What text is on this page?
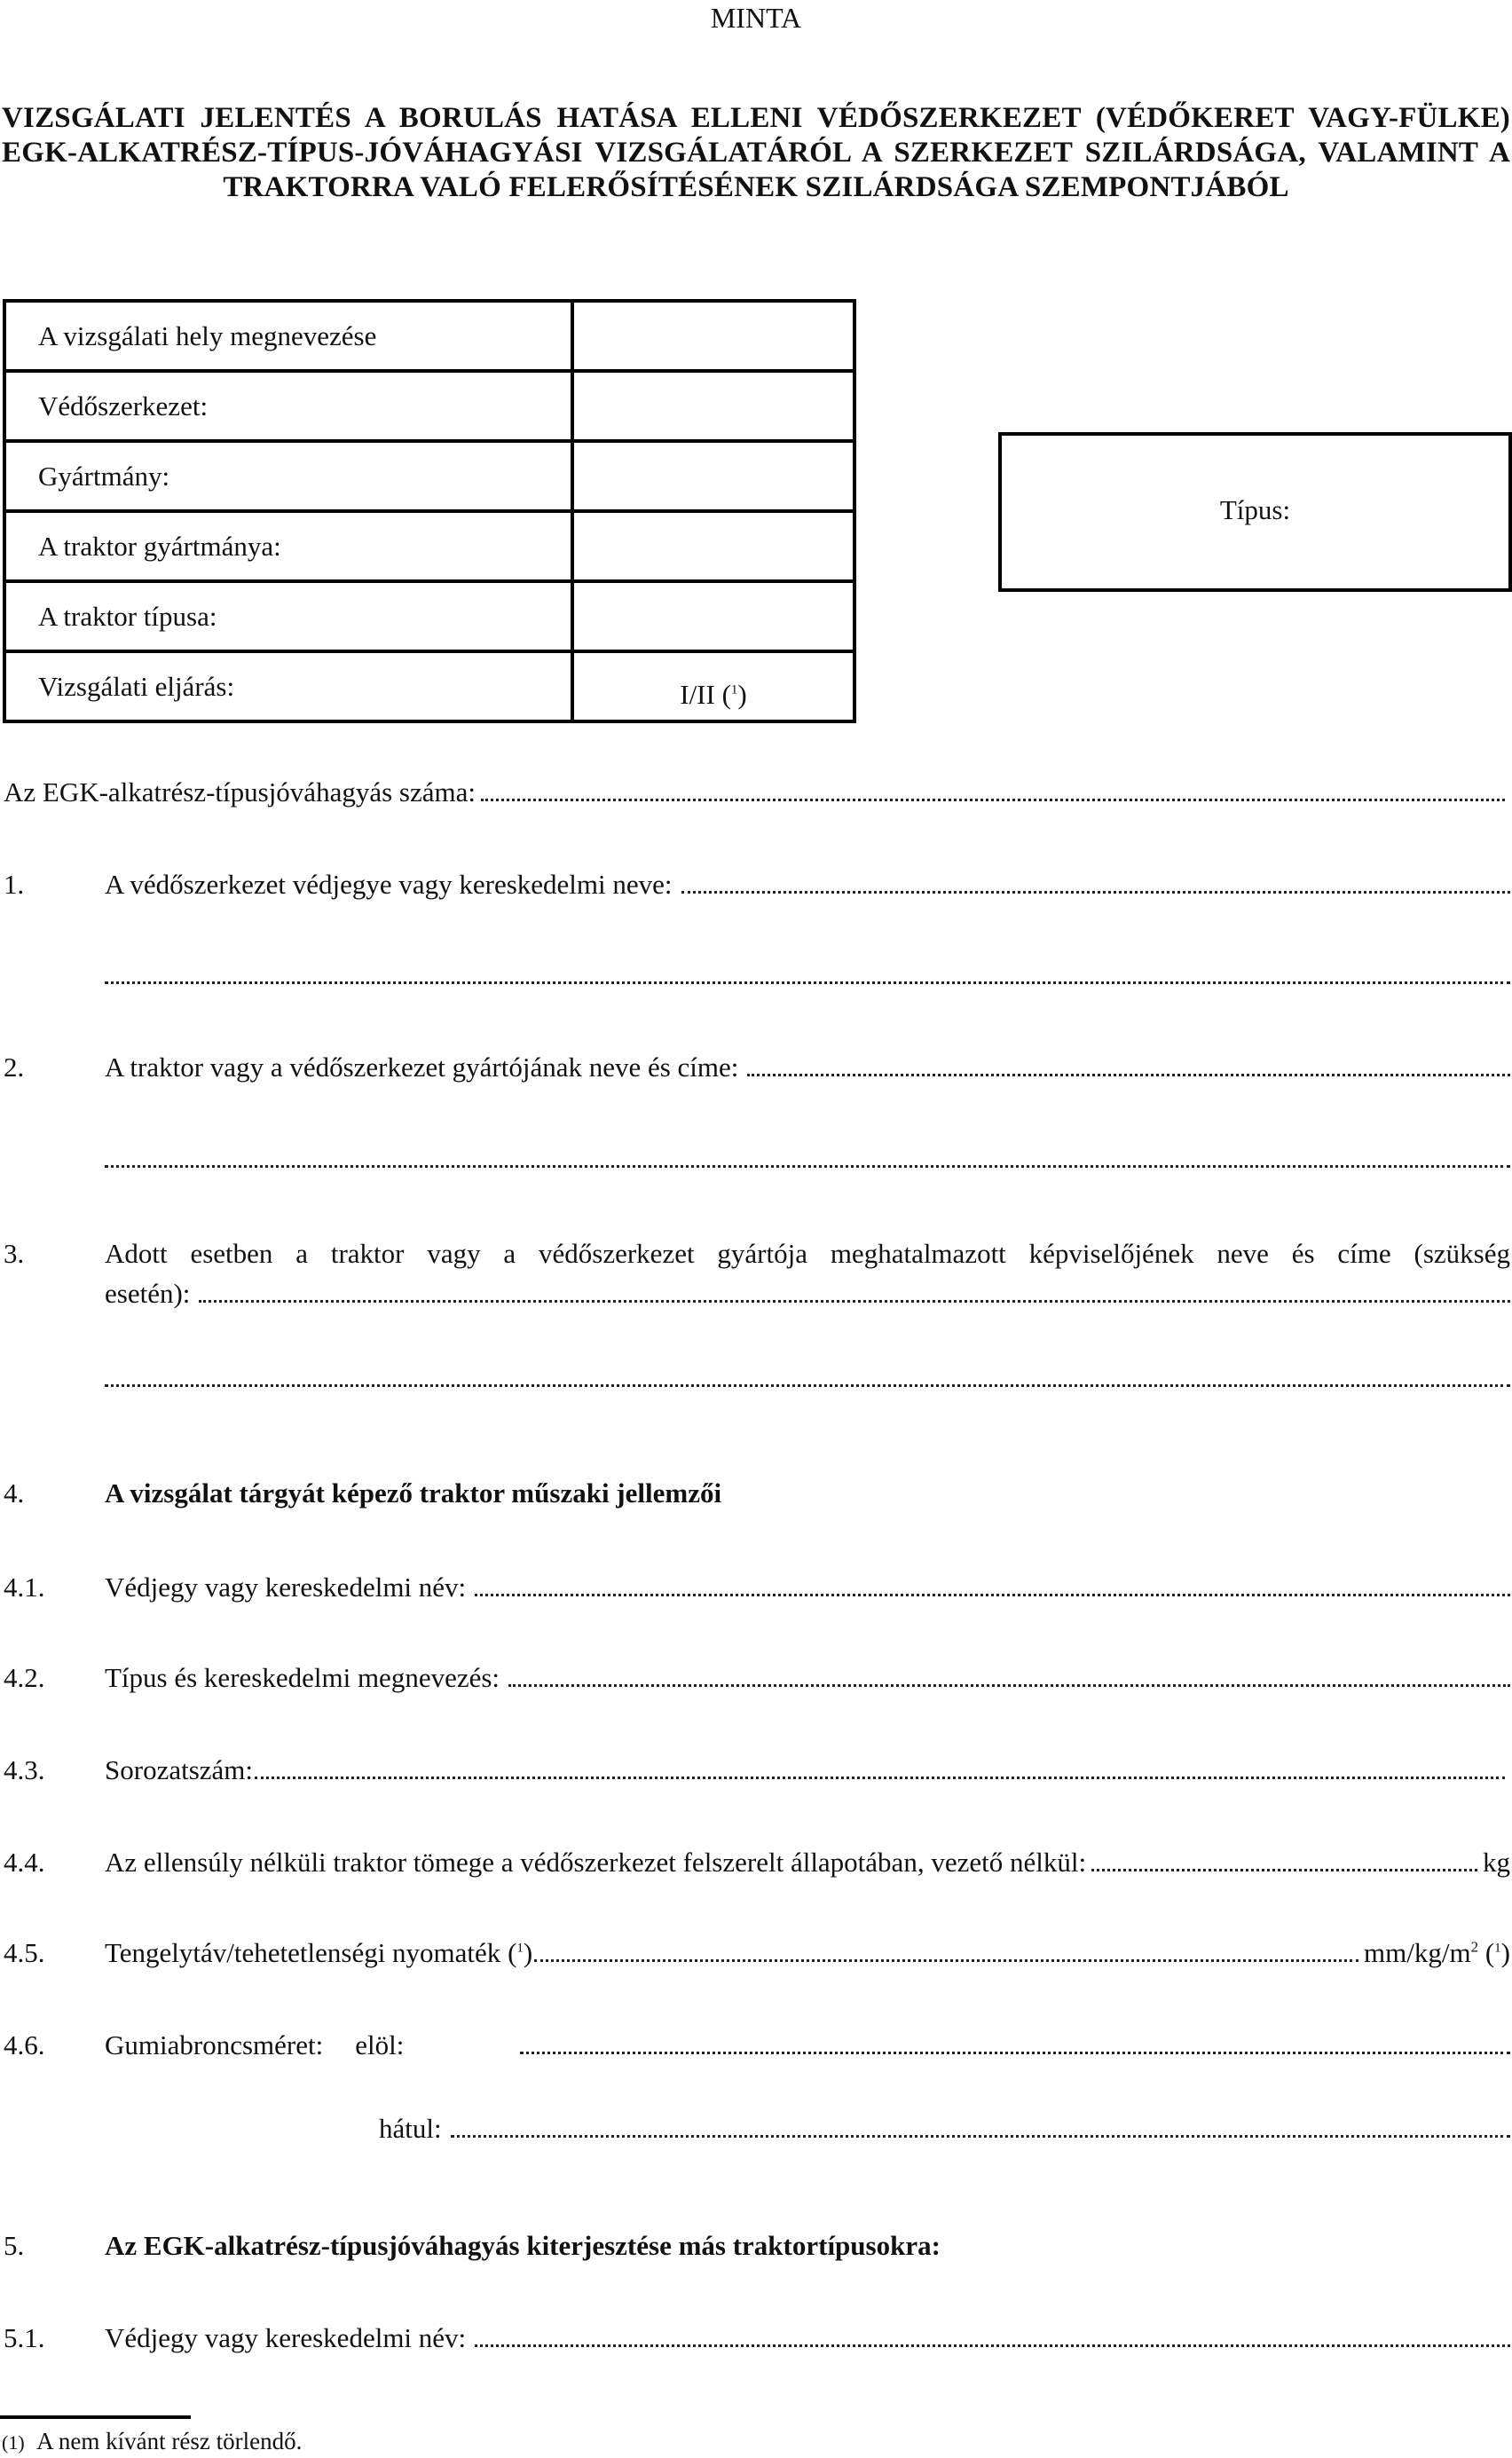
MINTA
VIZSGÁLATI JELENTÉS A BORULÁS HATÁSA ELLENI VÉDŐSZERKEZET (VÉDŐKERET VAGY-FÜLKE)
EGK-ALKATRÉSZ-TÍPUS-JÓVÁHAGYÁSI VIZSGÁLATÁRÓL A SZERKEZET SZILÁRDSÁGA, VALAMINT A
TRAKTORRA VALÓ FELERŐSÍTÉSÉNEK SZILÁRDSÁGA SZEMPONTJÁBÓL
A vizsgálati hely megnevezése	
Védőszerkezet:	
Gyártmány:	
A traktor gyártmánya:	
A traktor típusa:	
Vizsgálati eljárás:	I/II ($^1$)
Típus:
Az EGK-alkatrész-típusjóváhagyás száma:
1.	A védőszerkezet védjegye vagy kereskedelmi neve:
2.	A traktor vagy a védőszerkezet gyártójának neve és címe:
3.	Adott esetben a traktor vagy a védőszerkezet gyártója meghatalmazott képviselőjének neve és címe (szükség
esetén):
4.	A vizsgálat tárgyát képező traktor műszaki jellemzői
4.1.	Védjegy vagy kereskedelmi név:
4.2.	Típus és kereskedelmi megnevezés:
4.3.	Sorozatszám:
4.4.	Az ellensúly nélküli traktor tömege a védőszerkezet felszerelt állapotában, vezető nélkül:	kg
4.5.	Tengelytáv/tehetetlenségi nyomaték
($^1$)	mm/kg/m$^2$
($^1$)
4.6.	Gumiabroncsméret:	elöl:
hátul:
5.	Az EGK-alkatrész-típusjóváhagyás kiterjesztése más traktortípusokra:
5.1.	Védjegy vagy kereskedelmi név:
(1) A nem kívánt rész törlendő.
